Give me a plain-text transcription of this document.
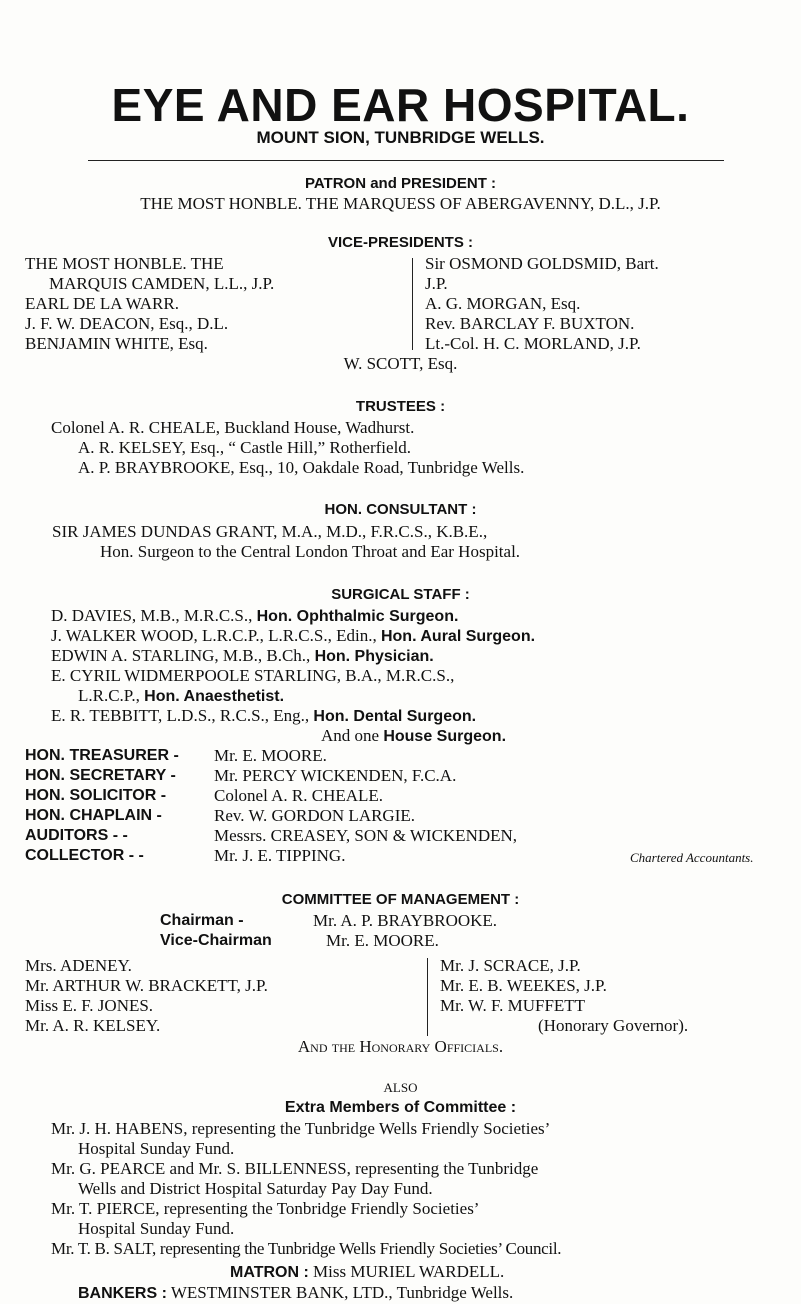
EYE AND EAR HOSPITAL.
MOUNT SION, TUNBRIDGE WELLS.
PATRON and PRESIDENT :
THE MOST HONBLE. THE MARQUESS OF ABERGAVENNY, D.L., J.P.
VICE-PRESIDENTS :
THE MOST HONBLE. THE
MARQUIS CAMDEN, L.L., J.P.
EARL DE LA WARR.
J. F. W. DEACON, Esq., D.L.
BENJAMIN WHITE, Esq.
Sir OSMOND GOLDSMID, Bart.
J.P.
A. G. MORGAN, Esq.
Rev. BARCLAY F. BUXTON.
Lt.-Col. H. C. MORLAND, J.P.
W. SCOTT, Esq.
TRUSTEES :
Colonel A. R. CHEALE, Buckland House, Wadhurst.
A. R. KELSEY, Esq., “ Castle Hill,” Rotherfield.
A. P. BRAYBROOKE, Esq., 10, Oakdale Road, Tunbridge Wells.
HON. CONSULTANT :
SIR JAMES DUNDAS GRANT, M.A., M.D., F.R.C.S., K.B.E.,
Hon. Surgeon to the Central London Throat and Ear Hospital.
SURGICAL STAFF :
D. DAVIES, M.B., M.R.C.S., Hon. Ophthalmic Surgeon.
J. WALKER WOOD, L.R.C.P., L.R.C.S., Edin., Hon. Aural Surgeon.
EDWIN A. STARLING, M.B., B.Ch., Hon. Physician.
E. CYRIL WIDMERPOOLE STARLING, B.A., M.R.C.S.,
L.R.C.P., Hon. Anaesthetist.
E. R. TEBBITT, L.D.S., R.C.S., Eng., Hon. Dental Surgeon.
And one House Surgeon.
HON. TREASURER - Mr. E. MOORE.
HON. SECRETARY - Mr. PERCY WICKENDEN, F.C.A.
HON. SOLICITOR -	Colonel A. R. CHEALE.
HON. CHAPLAIN -	Rev. W. GORDON LARGIE.
AUDITORS - -	Messrs. CREASEY, SON & WICKENDEN,
COLLECTOR - -	Mr. J. E. TIPPING.	Chartered Accountants.
COMMITTEE OF MANAGEMENT :
Chairman -	Mr. A. P. BRAYBROOKE.
Vice-Chairman	Mr. E. MOORE.
Mrs. ADENEY.
Mr. ARTHUR W. BRACKETT, J.P.
Miss E. F. JONES.
Mr. A. R. KELSEY.
Mr. J. SCRACE, J.P.
Mr. E. B. WEEKES, J.P.
Mr. W. F. MUFFETT
(Honorary Governor).
And the Honorary Officials.
ALSO
Extra Members of Committee :
Mr. J. H. HABENS, representing the Tunbridge Wells Friendly Societies’
Hospital Sunday Fund.
Mr. G. PEARCE and Mr. S. BILLENNESS, representing the Tunbridge
Wells and District Hospital Saturday Pay Day Fund.
Mr. T. PIERCE, representing the Tonbridge Friendly Societies’
Hospital Sunday Fund.
Mr. T. B. SALT, representing the Tunbridge Wells Friendly Societies’ Council.
MATRON : Miss MURIEL WARDELL.
BANKERS : WESTMINSTER BANK, LTD., Tunbridge Wells.
